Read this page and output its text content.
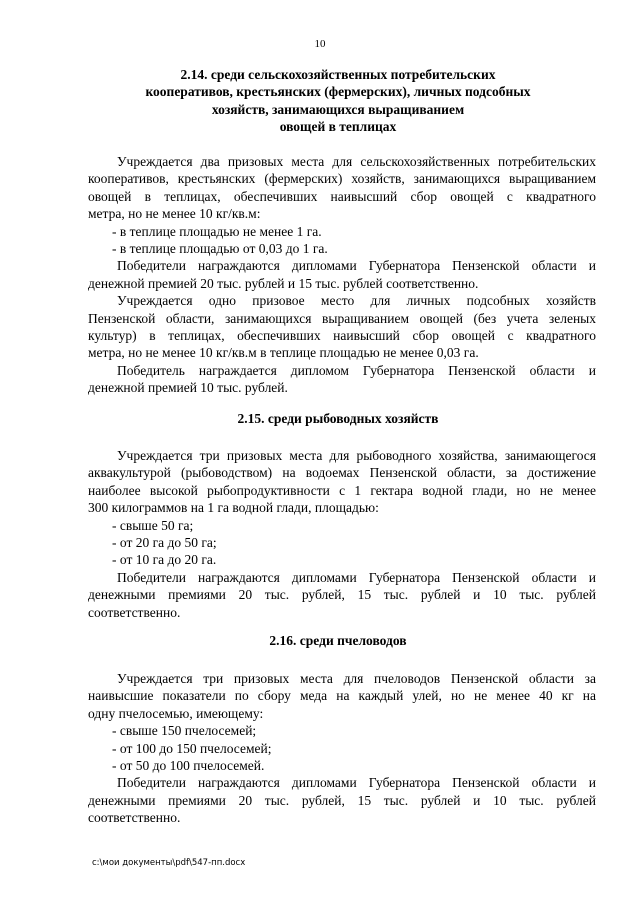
10
2.14. среди сельскохозяйственных потребительских
кооперативов, крестьянских (фермерских), личных подсобных
хозяйств, занимающихся выращиванием
овощей в теплицах
Учреждается два призовых места для сельскохозяйственных потребительских
кооперативов, крестьянских (фермерских) хозяйств, занимающихся выращиванием
овощей в теплицах, обеспечивших наивысший сбор овощей с квадратного
метра, но не менее 10 кг/кв.м:
- в теплице площадью не менее 1 га.
- в теплице площадью от 0,03 до 1 га.
Победители награждаются дипломами Губернатора Пензенской области и
денежной премией 20 тыс. рублей и 15 тыс. рублей соответственно.
Учреждается одно призовое место для личных подсобных хозяйств
Пензенской области, занимающихся выращиванием овощей (без учета зеленых
культур) в теплицах, обеспечивших наивысший сбор овощей с квадратного
метра, но не менее 10 кг/кв.м в теплице площадью не менее 0,03 га.
Победитель награждается дипломом Губернатора Пензенской области и
денежной премией 10 тыс. рублей.
2.15. среди рыбоводных хозяйств
Учреждается три призовых места для рыбоводного хозяйства, занимающегося
аквакультурой (рыбоводством) на водоемах Пензенской области, за достижение
наиболее высокой рыбопродуктивности с 1 гектара водной глади, но не менее
300 килограммов на 1 га водной глади, площадью:
- свыше 50 га;
- от 20 га до 50 га;
- от 10 га до 20 га.
Победители награждаются дипломами Губернатора Пензенской области и
денежными премиями 20 тыс. рублей, 15 тыс. рублей и 10 тыс. рублей
соответственно.
2.16. среди пчеловодов
Учреждается три призовых места для пчеловодов Пензенской области за
наивысшие показатели по сбору меда на каждый улей, но не менее 40 кг на
одну пчелосемью, имеющему:
- свыше 150 пчелосемей;
- от 100 до 150 пчелосемей;
- от 50 до 100 пчелосемей.
Победители награждаются дипломами Губернатора Пензенской области и
денежными премиями 20 тыс. рублей, 15 тыс. рублей и 10 тыс. рублей
соответственно.
c:\мои документы\pdf\547-пп.docx
